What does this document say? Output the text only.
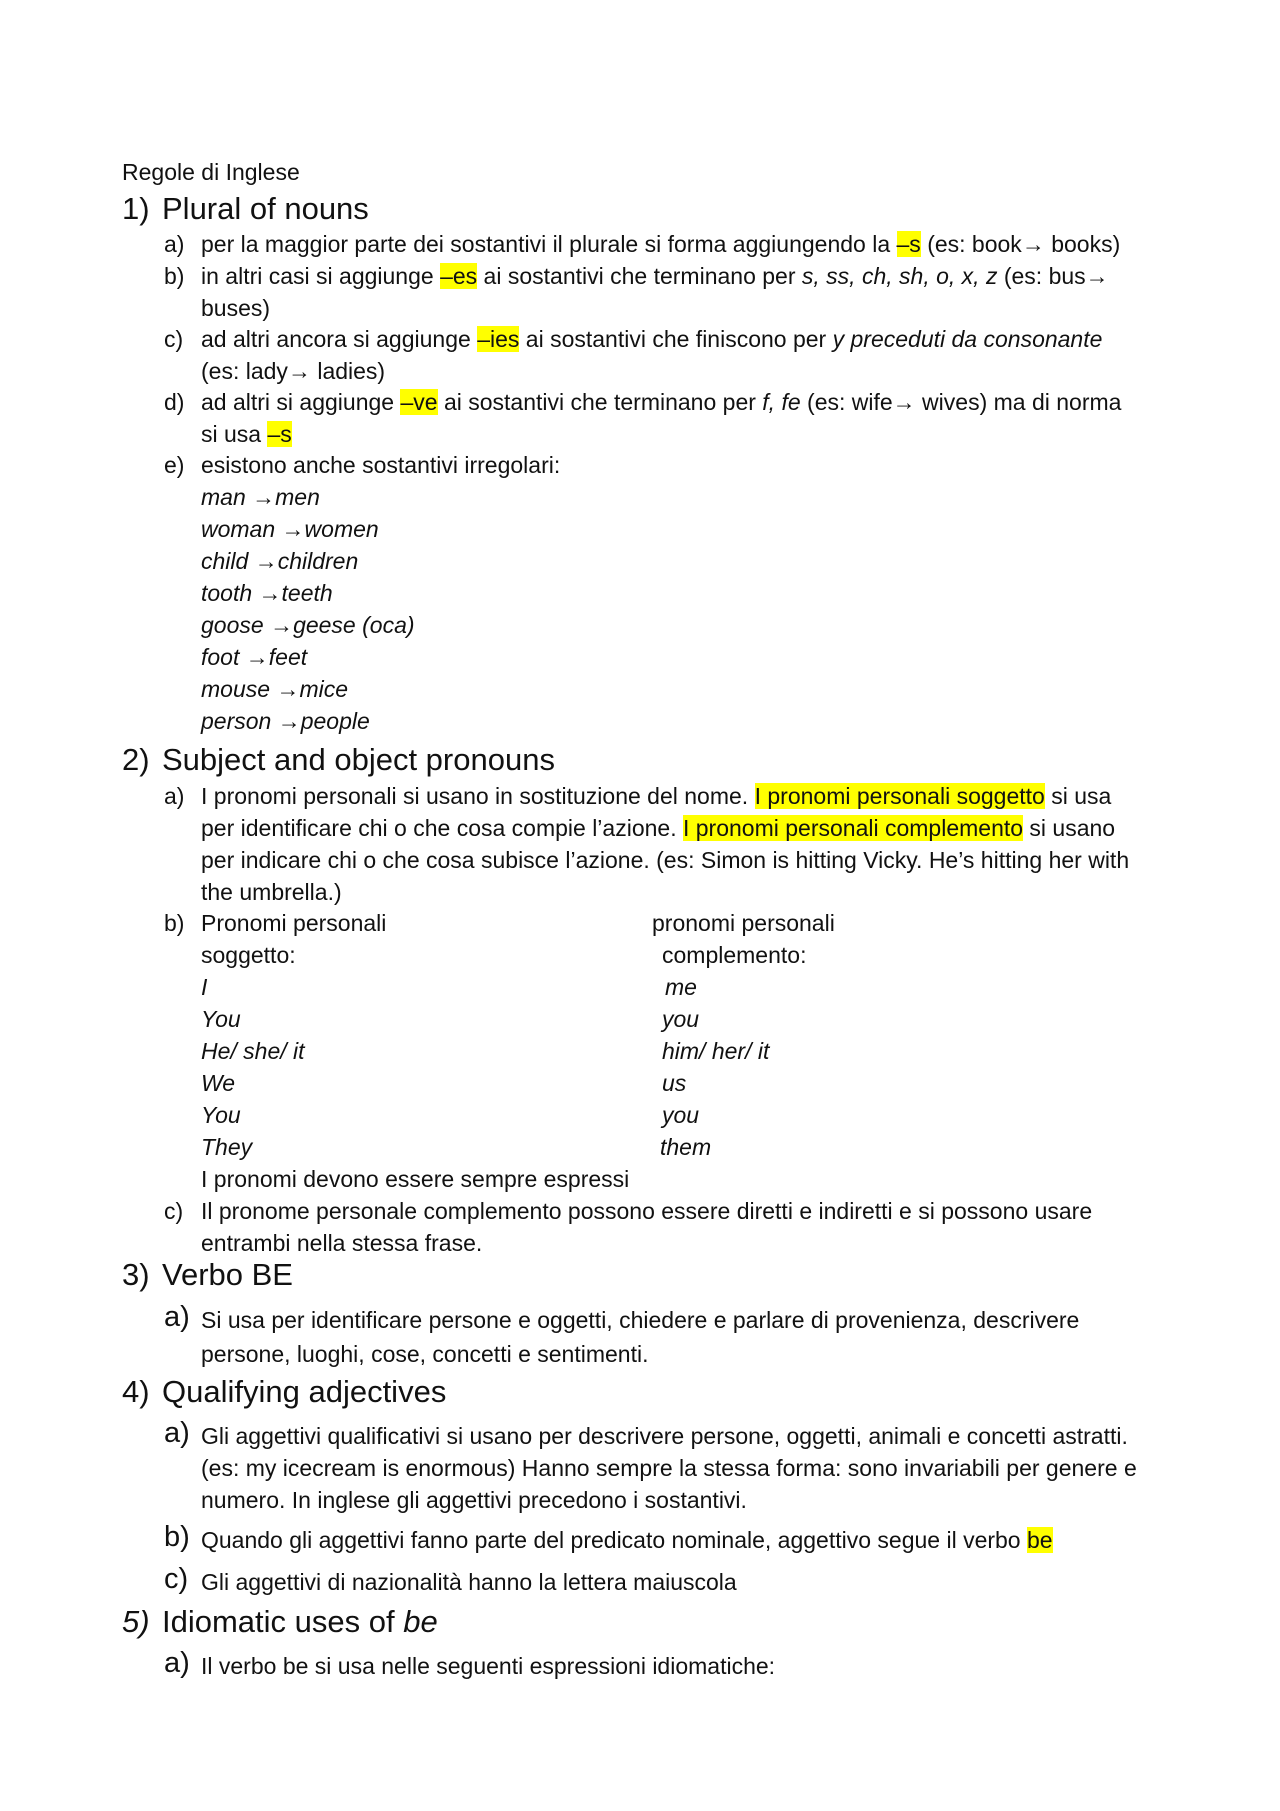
Regole di Inglese
1) Plural of nouns
a) per la maggior parte dei sostantivi il plurale si forma aggiungendo la –s (es: book→ books)
b) in altri casi si aggiunge –es ai sostantivi che terminano per s, ss, ch, sh, o, x, z (es: bus→
buses)
c) ad altri ancora si aggiunge –ies ai sostantivi che finiscono per y preceduti da consonante
(es: lady→ ladies)
d) ad altri si aggiunge –ve ai sostantivi che terminano per f, fe (es: wife→ wives) ma di norma
si usa –s
e) esistono anche sostantivi irregolari:
man →men
woman →women
child →children
tooth →teeth
goose →geese (oca)
foot →feet
mouse →mice
person →people
2) Subject and object pronouns
a) I pronomi personali si usano in sostituzione del nome. I pronomi personali soggetto si usa
per identificare chi o che cosa compie l’azione. I pronomi personali complemento si usano
per indicare chi o che cosa subisce l’azione. (es: Simon is hitting Vicky. He’s hitting her with
the umbrella.)
b) Pronomi personali
soggetto:
pronomi personali
complemento:
I
You
He/ she/ it
We
You
They
me
you
him/ her/ it
us
you
them
I pronomi devono essere sempre espressi
c) Il pronome personale complemento possono essere diretti e indiretti e si possono usare
entrambi nella stessa frase.
3) Verbo BE
a) Si usa per identificare persone e oggetti, chiedere e parlare di provenienza, descrivere
persone, luoghi, cose, concetti e sentimenti.
4) Qualifying adjectives
a) Gli aggettivi qualificativi si usano per descrivere persone, oggetti, animali e concetti astratti.
(es: my icecream is enormous) Hanno sempre la stessa forma: sono invariabili per genere e
numero. In inglese gli aggettivi precedono i sostantivi.
b) Quando gli aggettivi fanno parte del predicato nominale, aggettivo segue il verbo be
c) Gli aggettivi di nazionalità hanno la lettera maiuscola
5) Idiomatic uses of be
a) Il verbo be si usa nelle seguenti espressioni idiomatiche:
